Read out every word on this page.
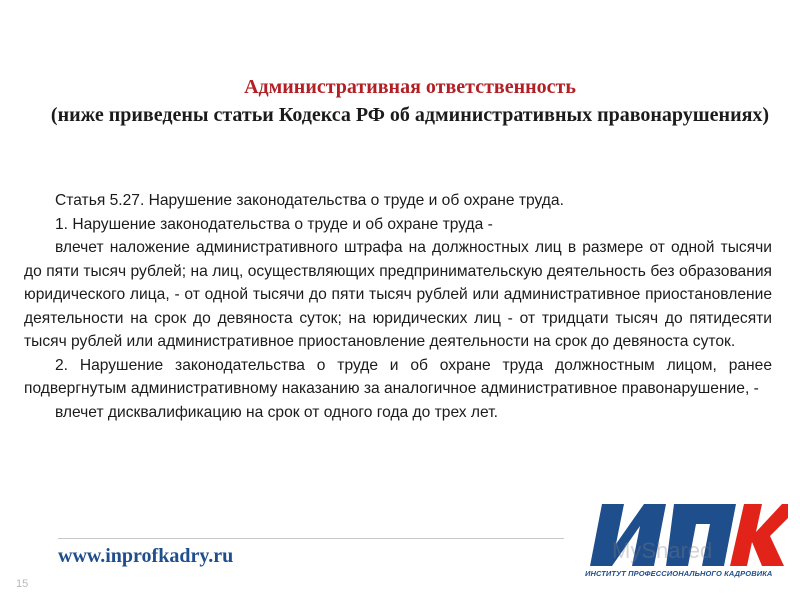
Административная ответственность
(ниже приведены статьи Кодекса РФ об административных правонарушениях)

Статья 5.27. Нарушение законодательства о труде и об охране труда.

1. Нарушение законодательства о труде и об охране труда -

влечет наложение административного штрафа на должностных лиц в размере от одной тысячи до пяти тысяч рублей; на лиц, осуществляющих предпринимательскую деятельность без образования юридического лица, - от одной тысячи до пяти тысяч рублей или административное приостановление деятельности на срок до девяноста суток; на юридических лиц - от тридцати тысяч до пятидесяти тысяч рублей или административное приостановление деятельности на срок до девяноста суток.

2. Нарушение законодательства о труде и об охране труда должностным лицом, ранее подвергнутым административному наказанию за аналогичное административное правонарушение, -

влечет дисквалификацию на срок от одного года до трех лет.

www.inprofkadry.ru
15
ИНСТИТУТ ПРОФЕССИОНАЛЬНОГО КАДРОВИКА
MyShared
